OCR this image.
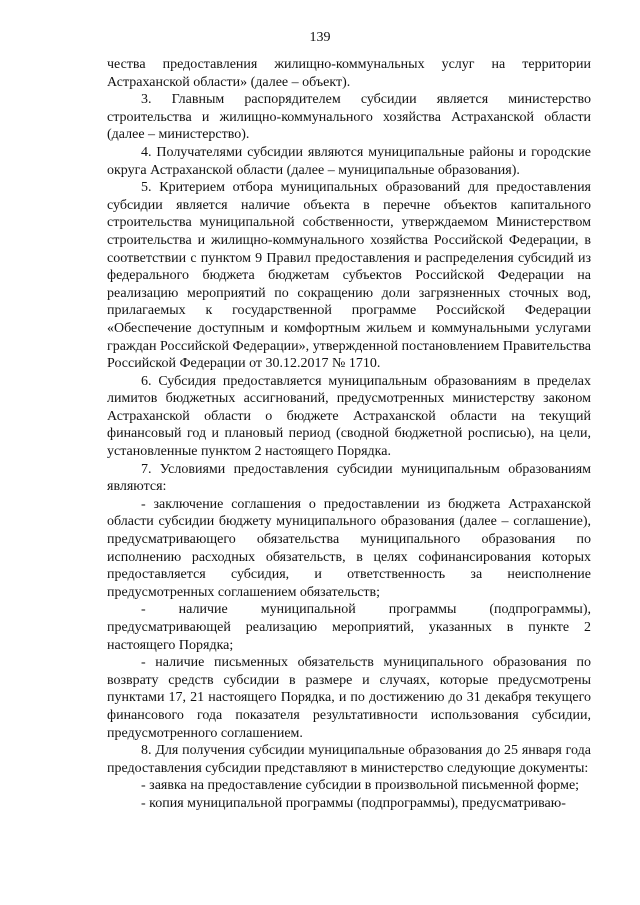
139

чества предоставления жилищно-коммунальных услуг на территории Астраханской области» (далее – объект).

3. Главным распорядителем субсидии является министерство строительства и жилищно-коммунального хозяйства Астраханской области (далее – министерство).

4. Получателями субсидии являются муниципальные районы и городские округа Астраханской области (далее – муниципальные образования).

5. Критерием отбора муниципальных образований для предоставления субсидии является наличие объекта в перечне объектов капитального строительства муниципальной собственности, утверждаемом Министерством строительства и жилищно-коммунального хозяйства Российской Федерации, в соответствии с пунктом 9 Правил предоставления и распределения субсидий из федерального бюджета бюджетам субъектов Российской Федерации на реализацию мероприятий по сокращению доли загрязненных сточных вод, прилагаемых к государственной программе Российской Федерации «Обеспечение доступным и комфортным жильем и коммунальными услугами граждан Российской Федерации», утвержденной постановлением Правительства Российской Федерации от 30.12.2017 № 1710.

6. Субсидия предоставляется муниципальным образованиям в пределах лимитов бюджетных ассигнований, предусмотренных министерству законом Астраханской области о бюджете Астраханской области на текущий финансовый год и плановый период (сводной бюджетной росписью), на цели, установленные пунктом 2 настоящего Порядка.

7. Условиями предоставления субсидии муниципальным образованиям являются:

- заключение соглашения о предоставлении из бюджета Астраханской области субсидии бюджету муниципального образования (далее – соглашение), предусматривающего обязательства муниципального образования по исполнению расходных обязательств, в целях софинансирования которых предоставляется субсидия, и ответственность за неисполнение предусмотренных соглашением обязательств;

- наличие муниципальной программы (подпрограммы), предусматривающей реализацию мероприятий, указанных в пункте 2 настоящего Порядка;

- наличие письменных обязательств муниципального образования по возврату средств субсидии в размере и случаях, которые предусмотрены пунктами 17, 21 настоящего Порядка, и по достижению до 31 декабря текущего финансового года показателя результативности использования субсидии, предусмотренного соглашением.

8. Для получения субсидии муниципальные образования до 25 января года предоставления субсидии представляют в министерство следующие документы:

- заявка на предоставление субсидии в произвольной письменной форме;

- копия муниципальной программы (подпрограммы), предусматриваю-
